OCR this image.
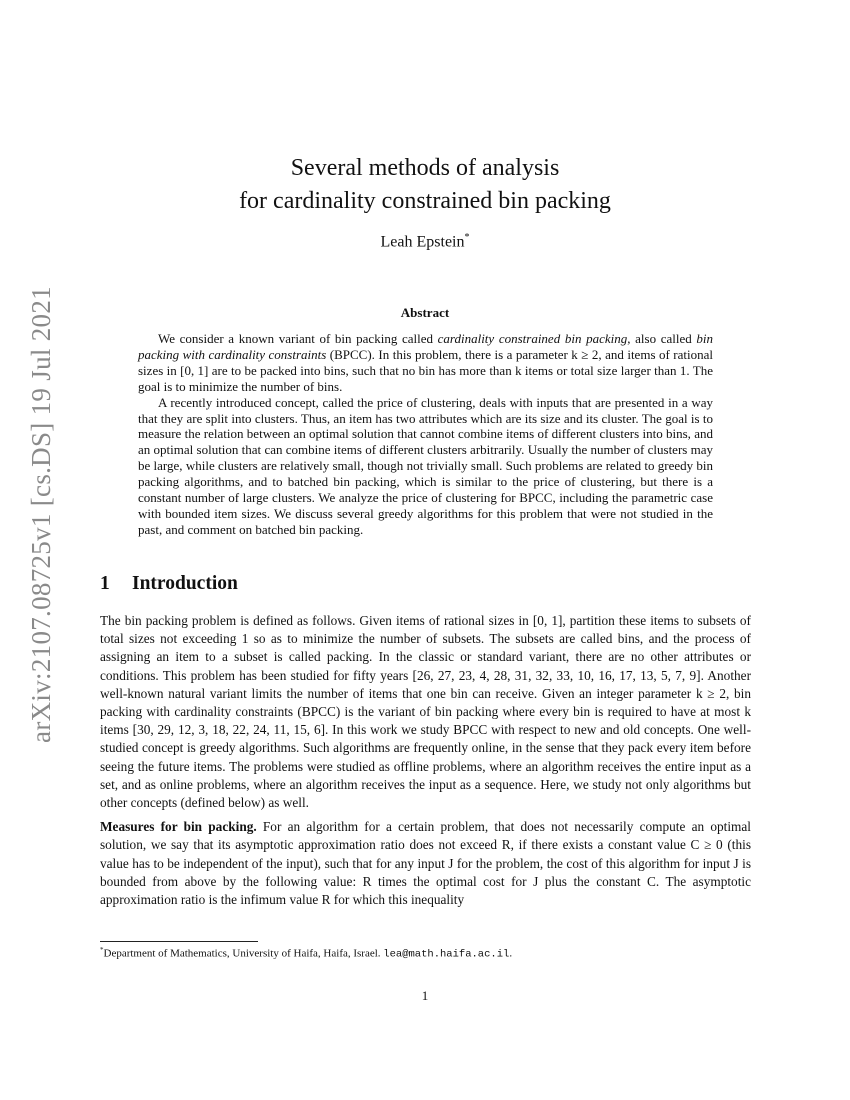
arXiv:2107.08725v1 [cs.DS] 19 Jul 2021
Several methods of analysis
for cardinality constrained bin packing
Leah Epstein*
Abstract

We consider a known variant of bin packing called cardinality constrained bin packing, also called bin packing with cardinality constraints (BPCC). In this problem, there is a parameter k ≥ 2, and items of rational sizes in [0, 1] are to be packed into bins, such that no bin has more than k items or total size larger than 1. The goal is to minimize the number of bins.

A recently introduced concept, called the price of clustering, deals with inputs that are presented in a way that they are split into clusters. Thus, an item has two attributes which are its size and its cluster. The goal is to measure the relation between an optimal solution that cannot combine items of different clusters into bins, and an optimal solution that can combine items of different clusters arbitrarily. Usually the number of clusters may be large, while clusters are relatively small, though not trivially small. Such problems are related to greedy bin packing algorithms, and to batched bin packing, which is similar to the price of clustering, but there is a constant number of large clusters. We analyze the price of clustering for BPCC, including the parametric case with bounded item sizes. We discuss several greedy algorithms for this problem that were not studied in the past, and comment on batched bin packing.

1 Introduction

The bin packing problem is defined as follows. Given items of rational sizes in [0, 1], partition these items to subsets of total sizes not exceeding 1 so as to minimize the number of subsets. The subsets are called bins, and the process of assigning an item to a subset is called packing. In the classic or standard variant, there are no other attributes or conditions. This problem has been studied for fifty years [26, 27, 23, 4, 28, 31, 32, 33, 10, 16, 17, 13, 5, 7, 9]. Another well-known natural variant limits the number of items that one bin can receive. Given an integer parameter k ≥ 2, bin packing with cardinality constraints (BPCC) is the variant of bin packing where every bin is required to have at most k items [30, 29, 12, 3, 18, 22, 24, 11, 15, 6]. In this work we study BPCC with respect to new and old concepts. One well-studied concept is greedy algorithms. Such algorithms are frequently online, in the sense that they pack every item before seeing the future items. The problems were studied as offline problems, where an algorithm receives the entire input as a set, and as online problems, where an algorithm receives the input as a sequence. Here, we study not only algorithms but other concepts (defined below) as well.

Measures for bin packing. For an algorithm for a certain problem, that does not necessarily compute an optimal solution, we say that its asymptotic approximation ratio does not exceed R, if there exists a constant value C ≥ 0 (this value has to be independent of the input), such that for any input J for the problem, the cost of this algorithm for input J is bounded from above by the following value: R times the optimal cost for J plus the constant C. The asymptotic approximation ratio is the infimum value R for which this inequality

*Department of Mathematics, University of Haifa, Haifa, Israel. lea@math.haifa.ac.il.
1
